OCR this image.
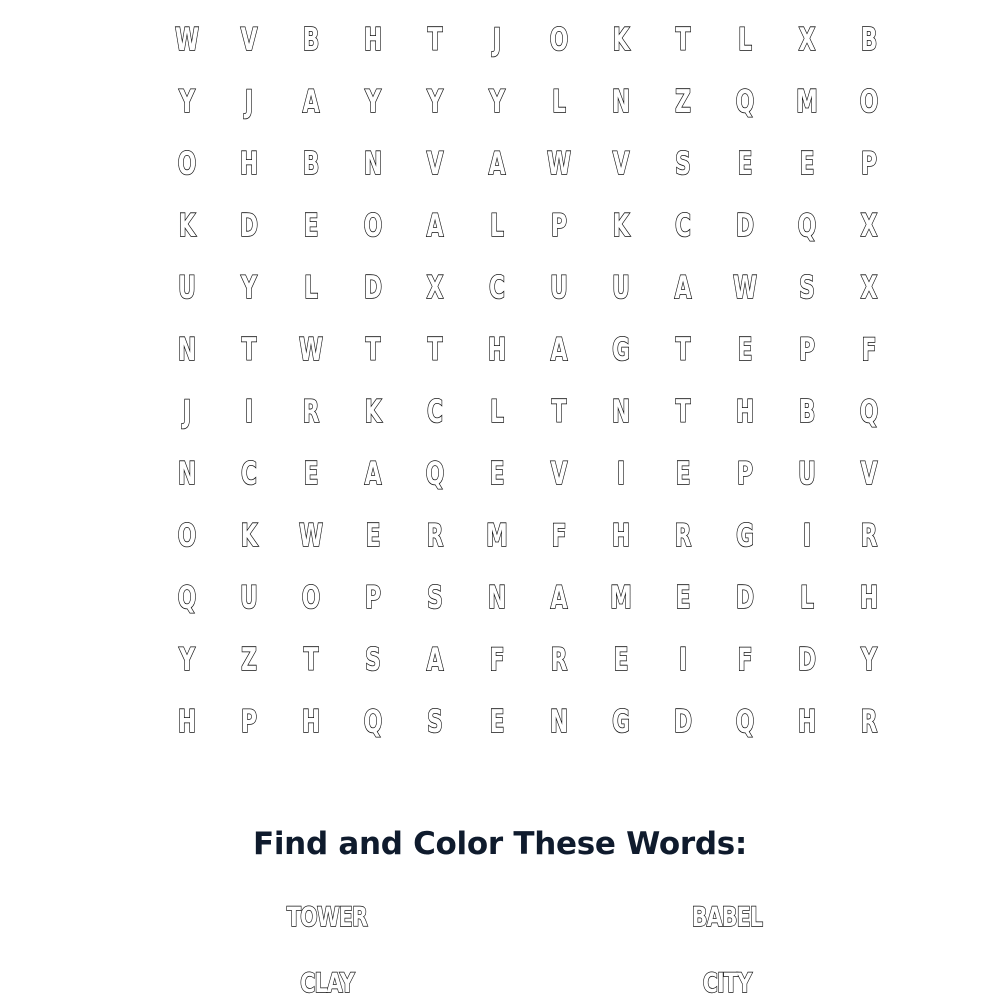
W	V	B	H	T	J	O	K	T	L	X	B
Y	J	A	Y	Y	Y	L	N	Z	Q	M	O
O	H	B	N	V	A	W	V	S	E	E	P
K	D	E	O	A	L	P	K	C	D	Q	X
U	Y	L	D	X	C	U	U	A	W	S	X
N	T	W	T	T	H	A	G	T	E	P	F
J	I	R	K	C	L	T	N	T	H	B	Q
N	C	E	A	Q	E	V	I	E	P	U	V
O	K	W	E	R	M	F	H	R	G	I	R
Q	U	O	P	S	N	A	M	E	D	L	H
Y	Z	T	S	A	F	R	E	I	F	D	Y
H	P	H	Q	S	E	N	G	D	Q	H	R
Find and Color These Words:
TOWER	BABEL
CLAY	CITY
